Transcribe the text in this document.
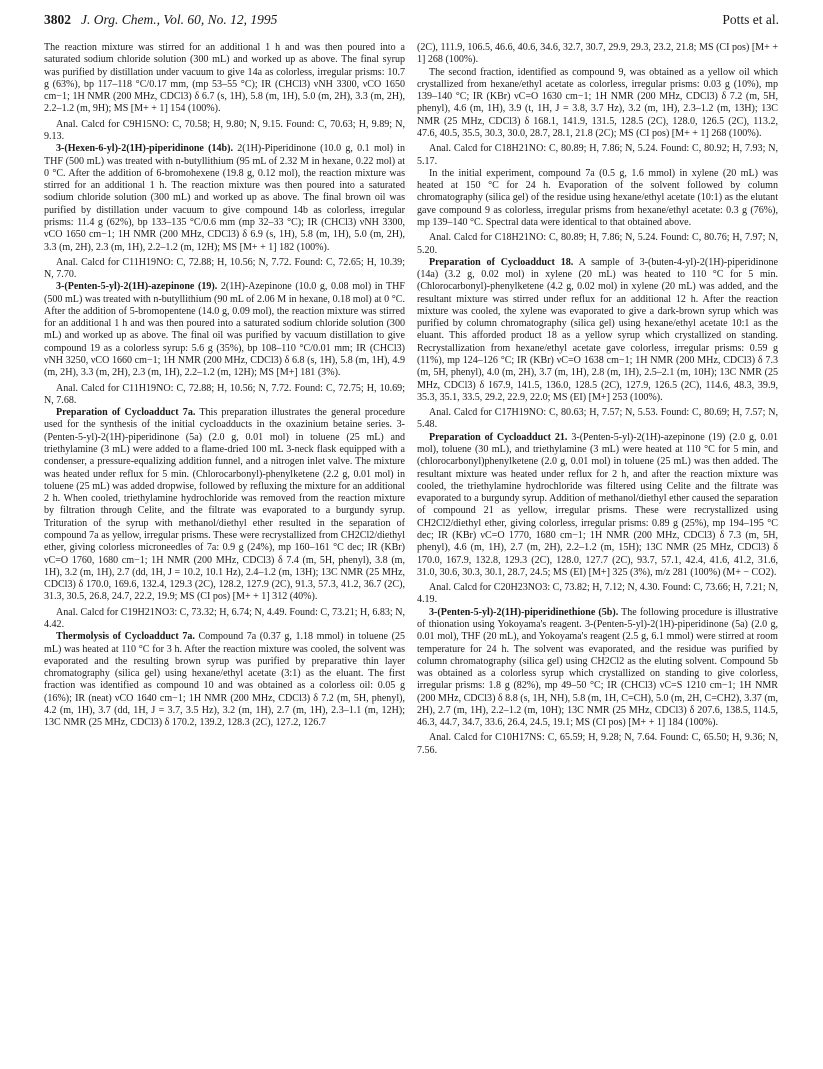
3802 J. Org. Chem., Vol. 60, No. 12, 1995	Potts et al.

The reaction mixture was stirred for an additional 1 h and was then poured into a saturated sodium chloride solution (300 mL) and worked up as above. The final syrup was purified by distillation under vacuum to give 14a as colorless, irregular prisms: 10.7 g (63%), bp 117–118 °C/0.17 mm, (mp 53–55 °C); IR (CHCl3) νNH 3300, νCO 1650 cm−1; 1H NMR (200 MHz, CDCl3) δ 6.7 (s, 1H), 5.8 (m, 1H), 5.0 (m, 2H), 3.3 (m, 2H), 2.2–1.2 (m, 9H); MS [M+ + 1] 154 (100%).

Anal. Calcd for C9H15NO: C, 70.58; H, 9.80; N, 9.15. Found: C, 70.63; H, 9.89; N, 9.13.

3-(Hexen-6-yl)-2(1H)-piperidinone (14b). 2(1H)-Piperidinone (10.0 g, 0.1 mol) in THF (500 mL) was treated with n-butyllithium (95 mL of 2.32 M in hexane, 0.22 mol) at 0 °C. After the addition of 6-bromohexene (19.8 g, 0.12 mol), the reaction mixture was stirred for an additional 1 h. The reaction mixture was then poured into a saturated sodium chloride solution (300 mL) and worked up as above. The final brown oil was purified by distillation under vacuum to give compound 14b as colorless, irregular prisms: 11.4 g (62%), bp 133–135 °C/0.6 mm (mp 32–33 °C); IR (CHCl3) νNH 3300, νCO 1650 cm−1; 1H NMR (200 MHz, CDCl3) δ 6.9 (s, 1H), 5.8 (m, 1H), 5.0 (m, 2H), 3.3 (m, 2H), 2.3 (m, 1H), 2.2–1.2 (m, 12H); MS [M+ + 1] 182 (100%).

Anal. Calcd for C11H19NO: C, 72.88; H, 10.56; N, 7.72. Found: C, 72.65; H, 10.39; N, 7.70.

3-(Penten-5-yl)-2(1H)-azepinone (19). 2(1H)-Azepinone (10.0 g, 0.08 mol) in THF (500 mL) was treated with n-butyllithium (90 mL of 2.06 M in hexane, 0.18 mol) at 0 °C. After the addition of 5-bromopentene (14.0 g, 0.09 mol), the reaction mixture was stirred for an additional 1 h and was then poured into a saturated sodium chloride solution (300 mL) and worked up as above. The final oil was purified by vacuum distillation to give compound 19 as a colorless syrup: 5.6 g (35%), bp 108–110 °C/0.01 mm; IR (CHCl3) νNH 3250, νCO 1660 cm−1; 1H NMR (200 MHz, CDCl3) δ 6.8 (s, 1H), 5.8 (m, 1H), 4.9 (m, 2H), 3.3 (m, 2H), 2.3 (m, 1H), 2.2–1.2 (m, 12H); MS [M+] 181 (3%).

Anal. Calcd for C11H19NO: C, 72.88; H, 10.56; N, 7.72. Found: C, 72.75; H, 10.69; N, 7.68.

Preparation of Cycloadduct 7a. This preparation illustrates the general procedure used for the synthesis of the initial cycloadducts in the oxazinium betaine series. 3-(Penten-5-yl)-2(1H)-piperidinone (5a) (2.0 g, 0.01 mol) in toluene (25 mL) and triethylamine (3 mL) were added to a flame-dried 100 mL 3-neck flask equipped with a condenser, a pressure-equalizing addition funnel, and a nitrogen inlet valve. The mixture was heated under reflux for 5 min. (Chlorocarbonyl)-phenylketene (2.2 g, 0.01 mol) in toluene (25 mL) was added dropwise, followed by refluxing the mixture for an additional 2 h. When cooled, triethylamine hydrochloride was removed from the reaction mixture by filtration through Celite, and the filtrate was evaporated to a burgundy syrup. Trituration of the syrup with methanol/diethyl ether resulted in the separation of compound 7a as yellow, irregular prisms. These were recrystallized from CH2Cl2/diethyl ether, giving colorless microneedles of 7a: 0.9 g (24%), mp 160–161 °C dec; IR (KBr) νC=O 1760, 1680 cm−1; 1H NMR (200 MHz, CDCl3) δ 7.4 (m, 5H, phenyl), 3.8 (m, 1H), 3.2 (m, 1H), 2.7 (dd, 1H, J = 10.2, 10.1 Hz), 2.4–1.2 (m, 13H); 13C NMR (25 MHz, CDCl3) δ 170.0, 169.6, 132.4, 129.3 (2C), 128.2, 127.9 (2C), 91.3, 57.3, 41.2, 36.7 (2C), 31.3, 30.5, 26.8, 24.7, 22.2, 19.9; MS (CI pos) [M+ + 1] 312 (40%).

Anal. Calcd for C19H21NO3: C, 73.32; H, 6.74; N, 4.49. Found: C, 73.21; H, 6.83; N, 4.42.

Thermolysis of Cycloadduct 7a. Compound 7a (0.37 g, 1.18 mmol) in toluene (25 mL) was heated at 110 °C for 3 h. After the reaction mixture was cooled, the solvent was evaporated and the resulting brown syrup was purified by preparative thin layer chromatography (silica gel) using hexane/ethyl acetate (3:1) as the eluant. The first fraction was identified as compound 10 and was obtained as a colorless oil: 0.05 g (16%); IR (neat) νCO 1640 cm−1; 1H NMR (200 MHz, CDCl3) δ 7.2 (m, 5H, phenyl), 4.2 (m, 1H), 3.7 (dd, 1H, J = 3.7, 3.5 Hz), 3.2 (m, 1H), 2.7 (m, 1H), 2.3–1.1 (m, 12H); 13C NMR (25 MHz, CDCl3) δ 170.2, 139.2, 128.3 (2C), 127.2, 126.7

(2C), 111.9, 106.5, 46.6, 40.6, 34.6, 32.7, 30.7, 29.9, 29.3, 23.2, 21.8; MS (CI pos) [M+ + 1] 268 (100%).

The second fraction, identified as compound 9, was obtained as a yellow oil which crystallized from hexane/ethyl acetate as colorless, irregular prisms: 0.03 g (10%), mp 139–140 °C; IR (KBr) νC=O 1630 cm−1; 1H NMR (200 MHz, CDCl3) δ 7.2 (m, 5H, phenyl), 4.6 (m, 1H), 3.9 (t, 1H, J = 3.8, 3.7 Hz), 3.2 (m, 1H), 2.3–1.2 (m, 13H); 13C NMR (25 MHz, CDCl3) δ 168.1, 141.9, 131.5, 128.5 (2C), 128.0, 126.5 (2C), 113.2, 47.6, 40.5, 35.5, 30.3, 30.0, 28.7, 28.1, 21.8 (2C); MS (CI pos) [M+ + 1] 268 (100%).

Anal. Calcd for C18H21NO: C, 80.89; H, 7.86; N, 5.24. Found: C, 80.92; H, 7.93; N, 5.17.

In the initial experiment, compound 7a (0.5 g, 1.6 mmol) in xylene (20 mL) was heated at 150 °C for 24 h. Evaporation of the solvent followed by column chromatography (silica gel) of the residue using hexane/ethyl acetate (10:1) as the elutant gave compound 9 as colorless, irregular prisms from hexane/ethyl acetate: 0.3 g (76%), mp 139–140 °C. Spectral data were identical to that obtained above.

Anal. Calcd for C18H21NO: C, 80.89; H, 7.86; N, 5.24. Found: C, 80.76; H, 7.97; N, 5.20.

Preparation of Cycloadduct 18. A sample of 3-(buten-4-yl)-2(1H)-piperidinone (14a) (3.2 g, 0.02 mol) in xylene (20 mL) was heated to 110 °C for 5 min. (Chlorocarbonyl)-phenylketene (4.2 g, 0.02 mol) in xylene (20 mL) was added, and the resultant mixture was stirred under reflux for an additional 12 h. After the reaction mixture was cooled, the xylene was evaporated to give a dark-brown syrup which was purified by column chromatography (silica gel) using hexane/ethyl acetate 10:1 as the eluant. This afforded product 18 as a yellow syrup which crystallized on standing. Recrystallization from hexane/ethyl acetate gave colorless, irregular prisms: 0.59 g (11%), mp 124–126 °C; IR (KBr) νC=O 1638 cm−1; 1H NMR (200 MHz, CDCl3) δ 7.3 (m, 5H, phenyl), 4.0 (m, 2H), 3.7 (m, 1H), 2.8 (m, 1H), 2.5–2.1 (m, 10H); 13C NMR (25 MHz, CDCl3) δ 167.9, 141.5, 136.0, 128.5 (2C), 127.9, 126.5 (2C), 114.6, 48.3, 39.9, 35.3, 35.1, 33.5, 29.2, 22.9, 22.0; MS (EI) [M+] 253 (100%).

Anal. Calcd for C17H19NO: C, 80.63; H, 7.57; N, 5.53. Found: C, 80.69; H, 7.57; N, 5.48.

Preparation of Cycloadduct 21. 3-(Penten-5-yl)-2(1H)-azepinone (19) (2.0 g, 0.01 mol), toluene (30 mL), and triethylamine (3 mL) were heated at 110 °C for 5 min, and (chlorocarbonyl)phenylketene (2.0 g, 0.01 mol) in toluene (25 mL) was then added. The resultant mixture was heated under reflux for 2 h, and after the reaction mixture was cooled, the triethylamine hydrochloride was filtered using Celite and the filtrate was evaporated to a burgundy syrup. Addition of methanol/diethyl ether caused the separation of compound 21 as yellow, irregular prisms. These were recrystallized using CH2Cl2/diethyl ether, giving colorless, irregular prisms: 0.89 g (25%), mp 194–195 °C dec; IR (KBr) νC=O 1770, 1680 cm−1; 1H NMR (200 MHz, CDCl3) δ 7.3 (m, 5H, phenyl), 4.6 (m, 1H), 2.7 (m, 2H), 2.2–1.2 (m, 15H); 13C NMR (25 MHz, CDCl3) δ 170.0, 167.9, 132.8, 129.3 (2C), 128.0, 127.7 (2C), 93.7, 57.1, 42.4, 41.6, 41.2, 31.6, 31.0, 30.6, 30.3, 30.1, 28.7, 24.5; MS (EI) [M+] 325 (3%), m/z 281 (100%) (M+ − CO2).

Anal. Calcd for C20H23NO3: C, 73.82; H, 7.12; N, 4.30. Found: C, 73.66; H, 7.21; N, 4.19.

3-(Penten-5-yl)-2(1H)-piperidinethione (5b). The following procedure is illustrative of thionation using Yokoyama's reagent. 3-(Penten-5-yl)-2(1H)-piperidinone (5a) (2.0 g, 0.01 mol), THF (20 mL), and Yokoyama's reagent (2.5 g, 6.1 mmol) were stirred at room temperature for 24 h. The solvent was evaporated, and the residue was purified by column chromatography (silica gel) using CH2Cl2 as the eluting solvent. Compound 5b was obtained as a colorless syrup which crystallized on standing to give colorless, irregular prisms: 1.8 g (82%), mp 49–50 °C; IR (CHCl3) νC=S 1210 cm−1; 1H NMR (200 MHz, CDCl3) δ 8.8 (s, 1H, NH), 5.8 (m, 1H, C=CH), 5.0 (m, 2H, C=CH2), 3.37 (m, 2H), 2.7 (m, 1H), 2.2–1.2 (m, 10H); 13C NMR (25 MHz, CDCl3) δ 207.6, 138.5, 114.5, 46.3, 44.7, 34.7, 33.6, 26.4, 24.5, 19.1; MS (CI pos) [M+ + 1] 184 (100%).

Anal. Calcd for C10H17NS: C, 65.59; H, 9.28; N, 7.64. Found: C, 65.50; H, 9.36; N, 7.56.
